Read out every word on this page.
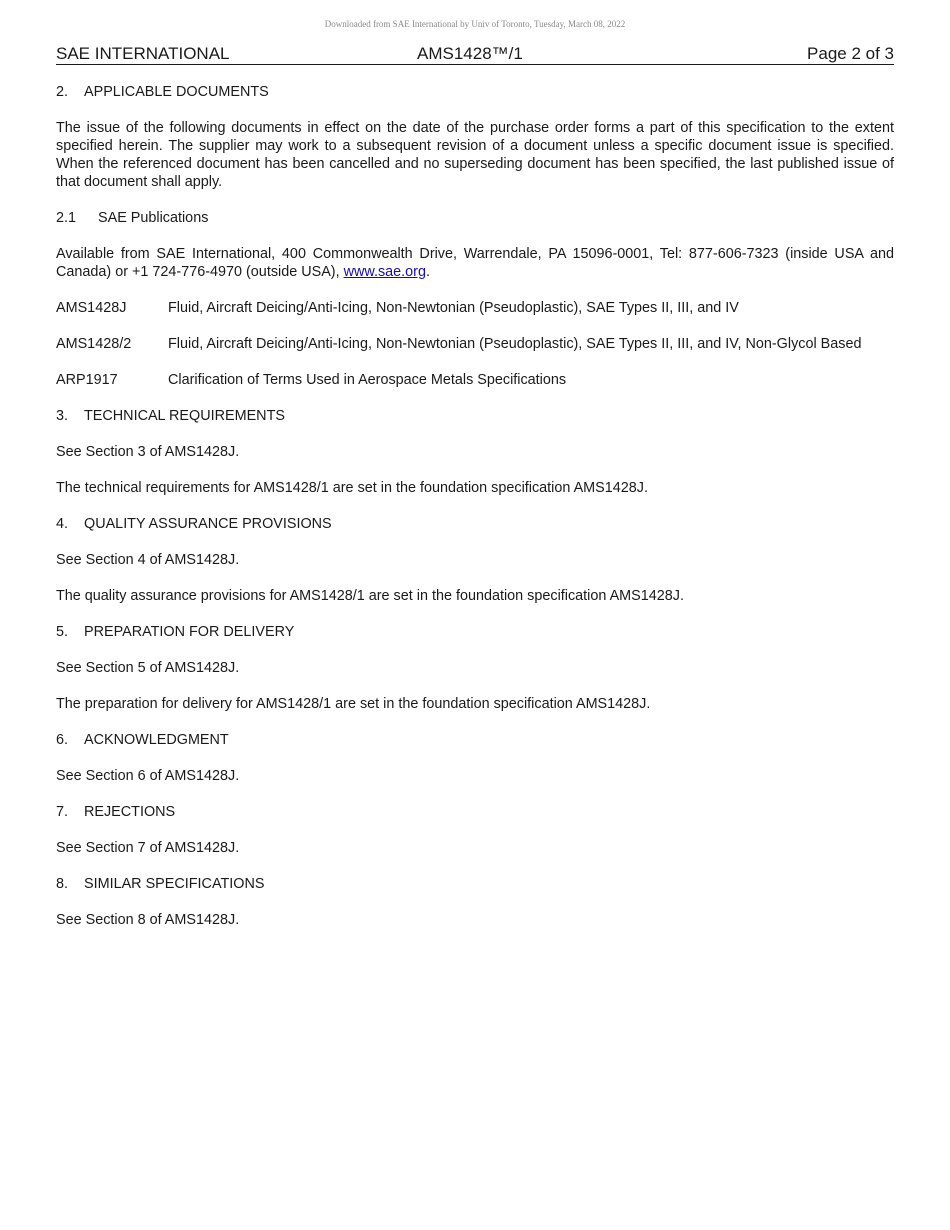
Downloaded from SAE International by Univ of Toronto, Tuesday, March 08, 2022
SAE INTERNATIONAL	AMS1428™/1	Page 2 of 3

2. APPLICABLE DOCUMENTS

The issue of the following documents in effect on the date of the purchase order forms a part of this specification to the extent specified herein. The supplier may work to a subsequent revision of a document unless a specific document issue is specified. When the referenced document has been cancelled and no superseding document has been specified, the last published issue of that document shall apply.

2.1 SAE Publications

Available from SAE International, 400 Commonwealth Drive, Warrendale, PA 15096-0001, Tel: 877-606-7323 (inside USA and Canada) or +1 724-776-4970 (outside USA), www.sae.org.

AMS1428J	Fluid, Aircraft Deicing/Anti-Icing, Non-Newtonian (Pseudoplastic), SAE Types II, III, and IV
AMS1428/2	Fluid, Aircraft Deicing/Anti-Icing, Non-Newtonian (Pseudoplastic), SAE Types II, III, and IV, Non-Glycol Based
ARP1917	Clarification of Terms Used in Aerospace Metals Specifications

3. TECHNICAL REQUIREMENTS

See Section 3 of AMS1428J.

The technical requirements for AMS1428/1 are set in the foundation specification AMS1428J.

4. QUALITY ASSURANCE PROVISIONS

See Section 4 of AMS1428J.

The quality assurance provisions for AMS1428/1 are set in the foundation specification AMS1428J.

5. PREPARATION FOR DELIVERY

See Section 5 of AMS1428J.

The preparation for delivery for AMS1428/1 are set in the foundation specification AMS1428J.

6. ACKNOWLEDGMENT

See Section 6 of AMS1428J.

7. REJECTIONS

See Section 7 of AMS1428J.

8. SIMILAR SPECIFICATIONS

See Section 8 of AMS1428J.
